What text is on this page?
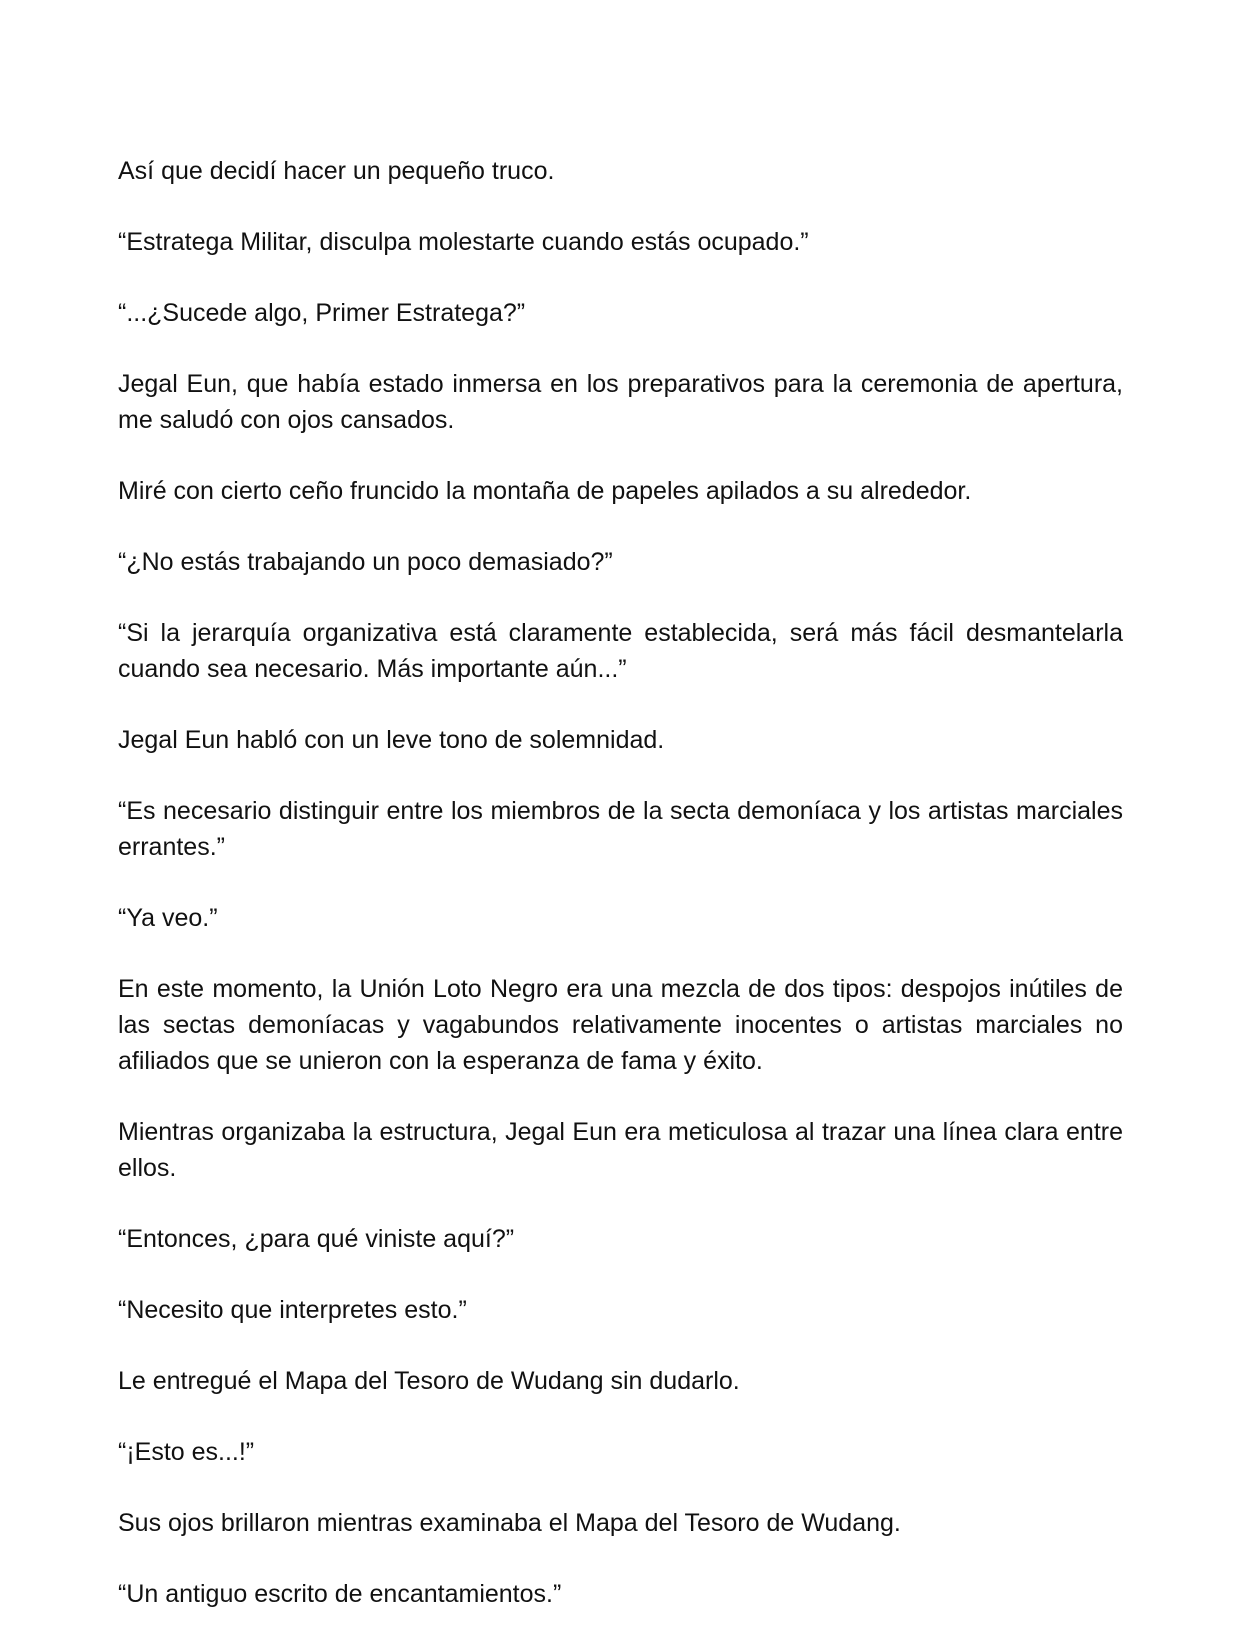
Así que decidí hacer un pequeño truco.

“Estratega Militar, disculpa molestarte cuando estás ocupado.”

“...¿Sucede algo, Primer Estratega?”

Jegal Eun, que había estado inmersa en los preparativos para la ceremonia de apertura, me saludó con ojos cansados.

Miré con cierto ceño fruncido la montaña de papeles apilados a su alrededor.

“¿No estás trabajando un poco demasiado?”

“Si la jerarquía organizativa está claramente establecida, será más fácil desmantelarla cuando sea necesario. Más importante aún...”

Jegal Eun habló con un leve tono de solemnidad.

“Es necesario distinguir entre los miembros de la secta demoníaca y los artistas marciales errantes.”

“Ya veo.”

En este momento, la Unión Loto Negro era una mezcla de dos tipos: despojos inútiles de las sectas demoníacas y vagabundos relativamente inocentes o artistas marciales no afiliados que se unieron con la esperanza de fama y éxito.

Mientras organizaba la estructura, Jegal Eun era meticulosa al trazar una línea clara entre ellos.

“Entonces, ¿para qué viniste aquí?”

“Necesito que interpretes esto.”

Le entregué el Mapa del Tesoro de Wudang sin dudarlo.

“¡Esto es...!”

Sus ojos brillaron mientras examinaba el Mapa del Tesoro de Wudang.

“Un antiguo escrito de encantamientos.”
